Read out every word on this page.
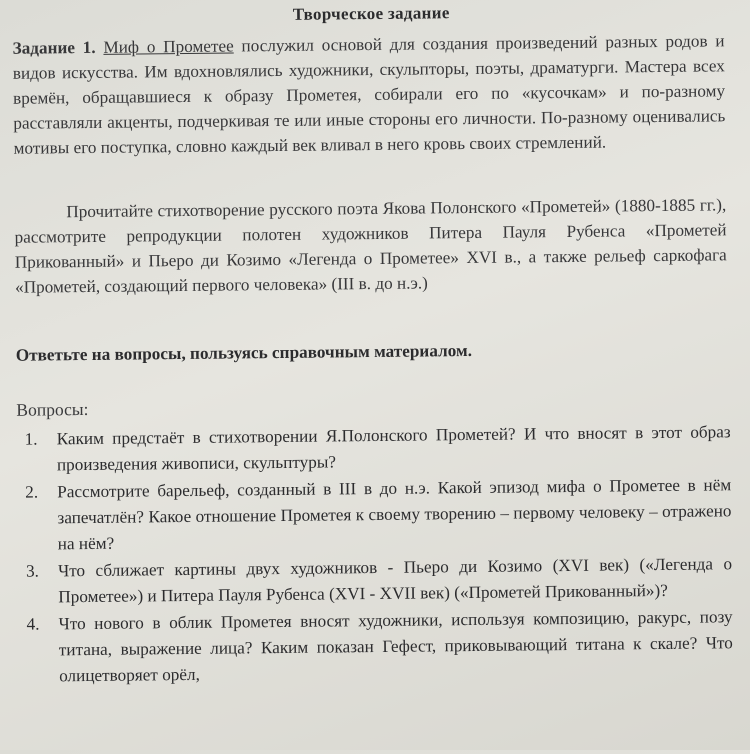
Творческое задание
Задание 1. Миф о Прометее послужил основой для создания произведений разных родов и видов искусства. Им вдохновлялись художники, скульпторы, поэты, драматурги. Мастера всех времён, обращавшиеся к образу Прометея, собирали его по «кусочкам» и по-разному расставляли акценты, подчеркивая те или иные стороны его личности. По-разному оценивались мотивы его поступка, словно каждый век вливал в него кровь своих стремлений.
Прочитайте стихотворение русского поэта Якова Полонского «Прометей» (1880-1885 гг.), рассмотрите репродукции полотен художников Питера Пауля Рубенса «Прометей Прикованный» и Пьеро ди Козимо «Легенда о Прометее» XVI в., а также рельеф саркофага «Прометей, создающий первого человека» (III в. до н.э.)
Ответьте на вопросы, пользуясь справочным материалом.
Вопросы:
1.	Каким предстаёт в стихотворении Я.Полонского Прометей? И что вносят в этот образ произведения живописи, скульптуры?
2.	Рассмотрите барельеф, созданный в III в до н.э. Какой эпизод мифа о Прометее в нём запечатлён? Какое отношение Прометея к своему творению – первому человеку – отражено на нём?
3.	Что сближает картины двух художников - Пьеро ди Козимо (XVI век) («Легенда о Прометее») и Питера Пауля Рубенса (XVI - XVII век) («Прометей Прикованный»)?
4.	Что нового в облик Прометея вносят художники, используя композицию, ракурс, позу титана, выражение лица? Каким показан Гефест, приковывающий титана к скале? Что олицетворяет орёл,
